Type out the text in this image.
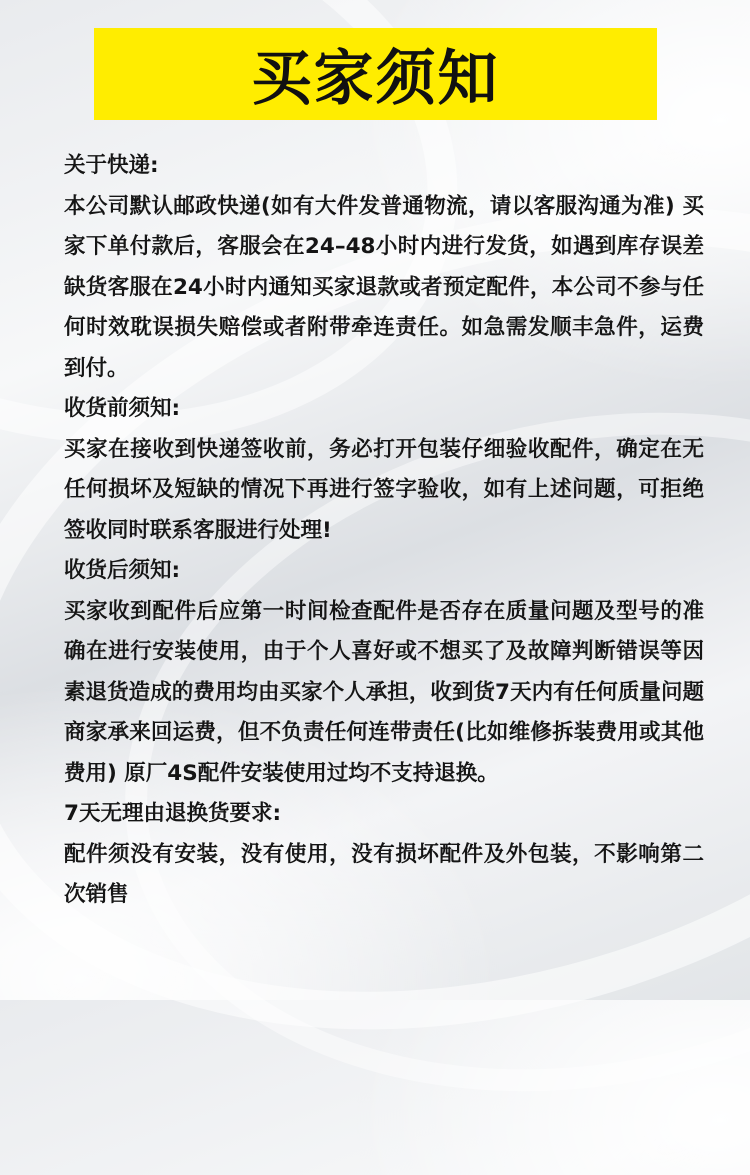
买家须知

关于快递:

本公司默认邮政快递(如有大件发普通物流，请以客服沟通为准) 买家下单付款后，客服会在24–48小时内进行发货，如遇到库存误差缺货客服在24小时内通知买家退款或者预定配件，本公司不参与任何时效耽误损失赔偿或者附带牵连责任。如急需发顺丰急件，运费到付。

收货前须知:

买家在接收到快递签收前，务必打开包装仔细验收配件，确定在无任何损坏及短缺的情况下再进行签字验收，如有上述问题，可拒绝签收同时联系客服进行处理!

收货后须知:

买家收到配件后应第一时间检查配件是否存在质量问题及型号的准确在进行安装使用，由于个人喜好或不想买了及故障判断错误等因素退货造成的费用均由买家个人承担，收到货7天内有任何质量问题商家承来回运费，但不负责任何连带责任(比如维修拆装费用或其他费用) 原厂4S配件安装使用过均不支持退换。

7天无理由退换货要求:

配件须没有安装，没有使用，没有损坏配件及外包装，不影响第二次销售
